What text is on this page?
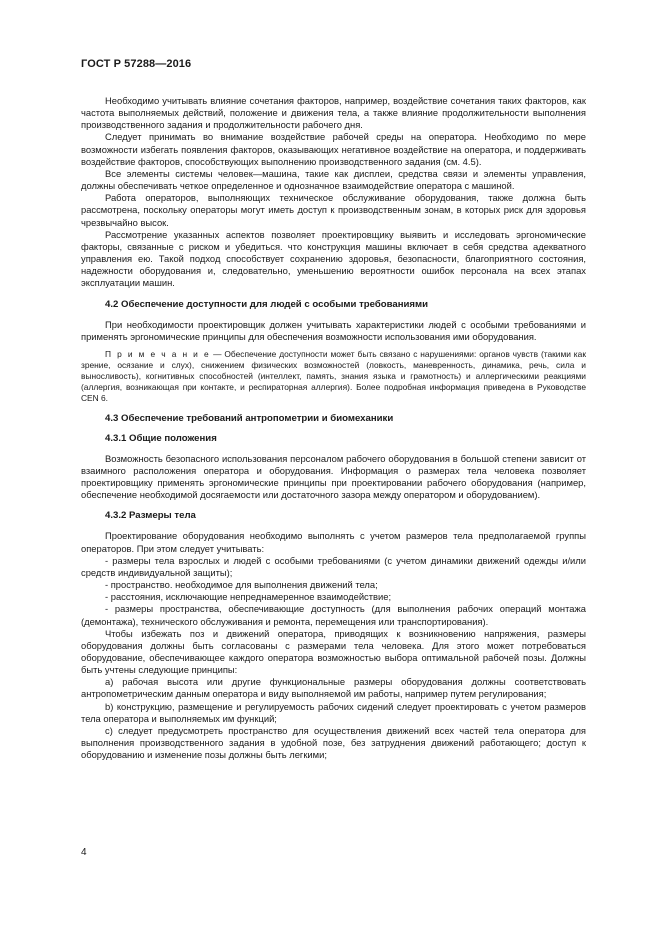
ГОСТ Р 57288—2016

Необходимо учитывать влияние сочетания факторов, например, воздействие сочетания таких факторов, как частота выполняемых действий, положение и движения тела, а также влияние продолжительности выполнения производственного задания и продолжительности рабочего дня.

Следует принимать во внимание воздействие рабочей среды на оператора. Необходимо по мере возможности избегать появления факторов, оказывающих негативное воздействие на оператора, и поддерживать воздействие факторов, способствующих выполнению производственного задания (см. 4.5).

Все элементы системы человек—машина, такие как дисплеи, средства связи и элементы управления, должны обеспечивать четкое определенное и однозначное взаимодействие оператора с машиной.

Работа операторов, выполняющих техническое обслуживание оборудования, также должна быть рассмотрена, поскольку операторы могут иметь доступ к производственным зонам, в которых риск для здоровья чрезвычайно высок.

Рассмотрение указанных аспектов позволяет проектировщику выявить и исследовать эргономические факторы, связанные с риском и убедиться. что конструкция машины включает в себя средства адекватного управления ею. Такой подход способствует сохранению здоровья, безопасности, благоприятного состояния, надежности оборудования и, следовательно, уменьшению вероятности ошибок персонала на всех этапах эксплуатации машин.

4.2 Обеспечение доступности для людей с особыми требованиями

При необходимости проектировщик должен учитывать характеристики людей с особыми требованиями и применять эргономические принципы для обеспечения возможности использования ими оборудования.

П р и м е ч а н и е — Обеспечение доступности может быть связано с нарушениями: органов чувств (такими как зрение, осязание и слух), снижением физических возможностей (ловкость, маневренность, динамика, речь, сила и выносливость), когнитивных способностей (интеллект, память, знания языка и грамотность) и аллергическими реакциями (аллергия, возникающая при контакте, и респираторная аллергия). Более подробная информация приведена в Руководстве CEN 6.

4.3 Обеспечение требований антропометрии и биомеханики

4.3.1 Общие положения

Возможность безопасного использования персоналом рабочего оборудования в большой степени зависит от взаимного расположения оператора и оборудования. Информация о размерах тела человека позволяет проектировщику применять эргономические принципы при проектировании рабочего оборудования (например, обеспечение необходимой досягаемости или достаточного зазора между оператором и оборудованием).

4.3.2 Размеры тела

Проектирование оборудования необходимо выполнять с учетом размеров тела предполагаемой группы операторов. При этом следует учитывать:

- размеры тела взрослых и людей с особыми требованиями (с учетом динамики движений одежды и/или средств индивидуальной защиты);

- пространство. необходимое для выполнения движений тела;

- расстояния, исключающие непреднамеренное взаимодействие;

- размеры пространства, обеспечивающие доступность (для выполнения рабочих операций монтажа (демонтажа), технического обслуживания и ремонта, перемещения или транспортирования).

Чтобы избежать поз и движений оператора, приводящих к возникновению напряжения, размеры оборудования должны быть согласованы с размерами тела человека. Для этого может потребоваться оборудование, обеспечивающее каждого оператора возможностью выбора оптимальной рабочей позы. Должны быть учтены следующие принципы:

a) рабочая высота или другие функциональные размеры оборудования должны соответствовать антропометрическим данным оператора и виду выполняемой им работы, например путем регулирования;

b) конструкцию, размещение и регулируемость рабочих сидений следует проектировать с учетом размеров тела оператора и выполняемых им функций;

c) следует предусмотреть пространство для осуществления движений всех частей тела оператора для выполнения производственного задания в удобной позе, без затруднения движений работающего; доступ к оборудованию и изменение позы должны быть легкими;

4
